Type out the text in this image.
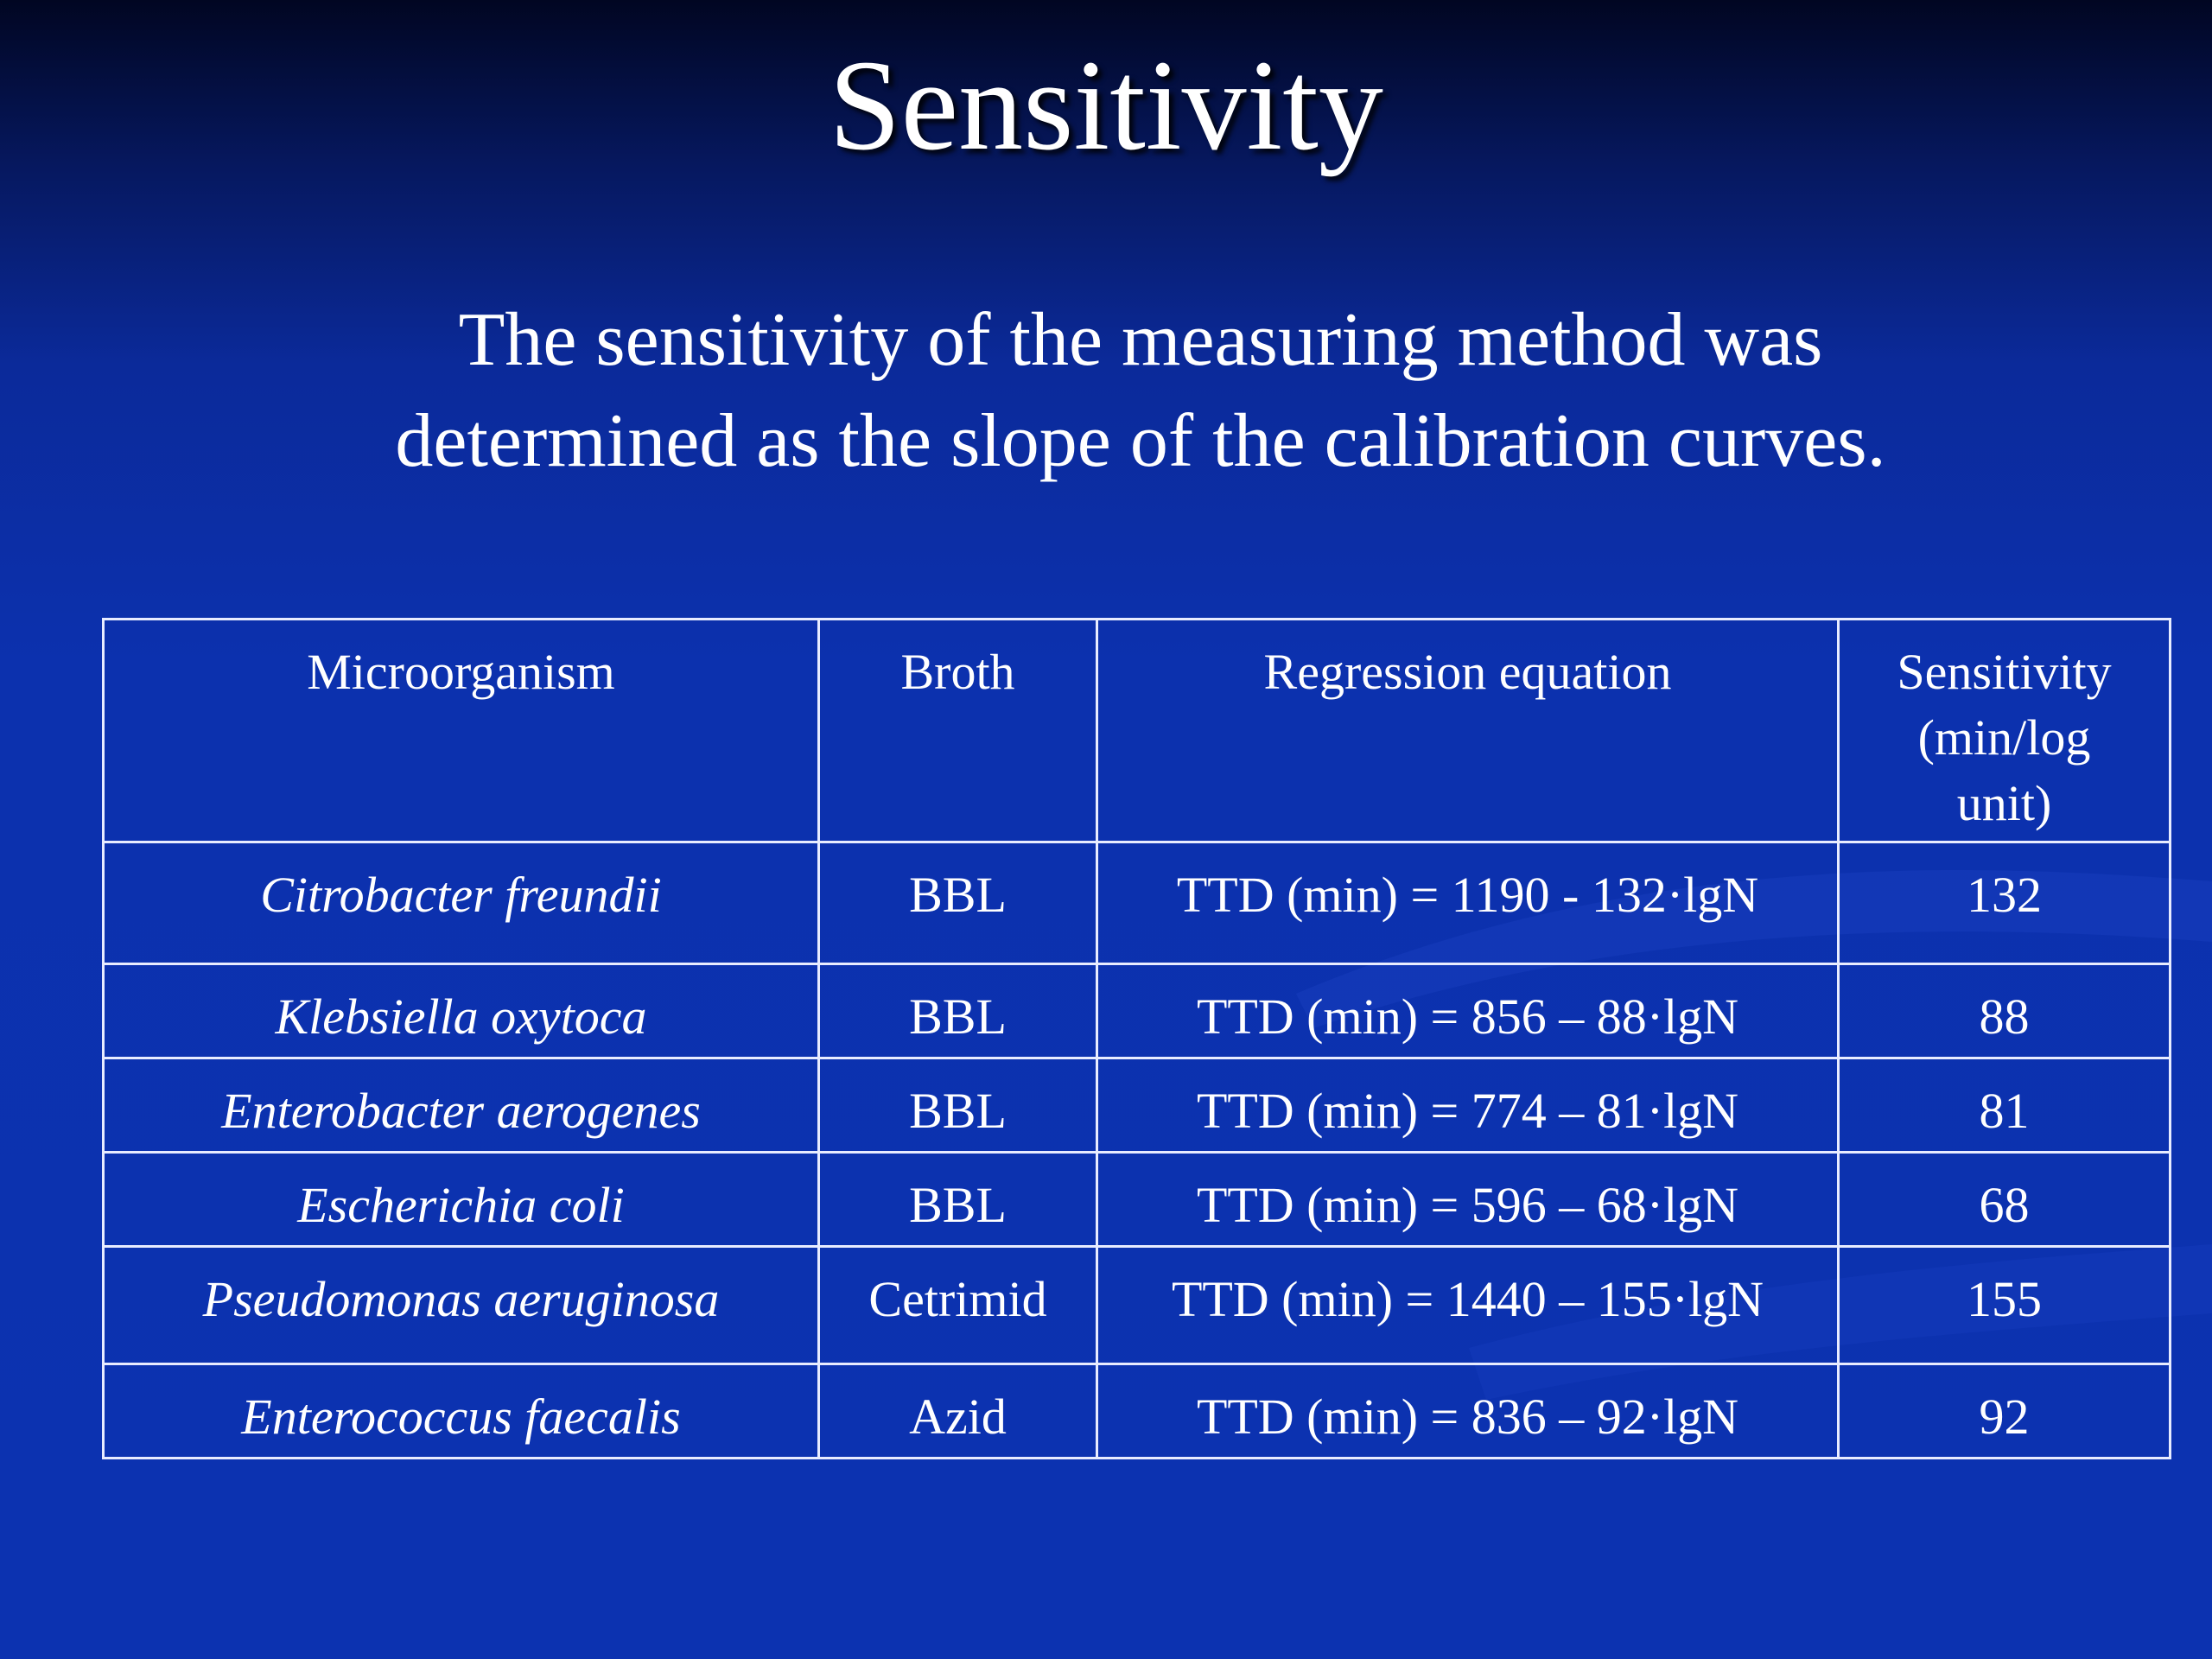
Sensitivity
The sensitivity of the measuring method was
determined as the slope of the calibration curves.
Microorganism	Broth	Regression equation	Sensitivity
(min/log
unit)

Citrobacter freundii	BBL	TTD (min) = 1190 - 132·lgN	132
Klebsiella oxytoca	BBL	TTD (min) = 856 – 88·lgN	88
Enterobacter aerogenes	BBL	TTD (min) = 774 – 81·lgN	81
Escherichia coli	BBL	TTD (min) = 596 – 68·lgN	68
Pseudomonas aeruginosa	Cetrimid	TTD (min) = 1440 – 155·lgN	155
Enterococcus faecalis	Azid	TTD (min) = 836 – 92·lgN	92
